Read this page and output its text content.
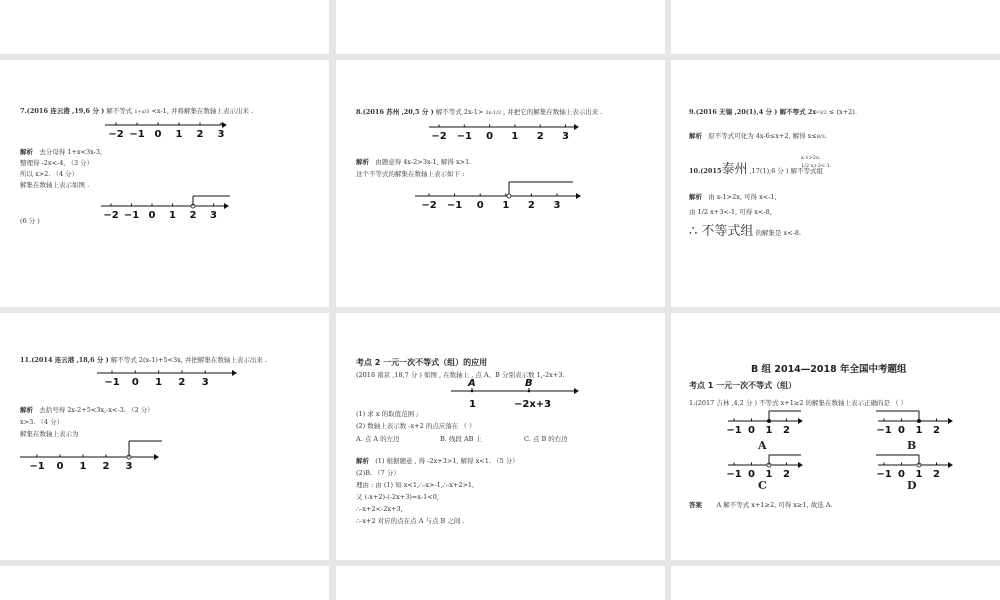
7.(2016 连云港 ,19,6 分 ) 解不等式 1+x/3 <x-1, 并将解集在数轴上表示出来 .
−2 −1 0 1 2 3
解析 去分母得 1+x<3x-3,
整理得 -2x<-4, （3 分）
所以 x>2. （4 分）
解集在数轴上表示如图 .
−2 −1 0 1 2 3
(6 分 )
8.(2016 苏州 ,20,5 分 ) 解不等式 2x-1> 3x-1/2 , 并把它的解集在数轴上表示出来 .
−2 −1 0 1 2 3
解析 由题意得 4x-2>3x-1, 解得 x>1.
这个不等式的解集在数轴上表示如下 :
−2 −1 0 1 2 3
9.(2016 无锡 ,20(1),4 分 ) 解不等式 2x-3/2 ≤ (x+2).
解析 原不等式可化为 4x-6≤x+2, 解得 x≤8/3.
10.(2015泰州 ,17(1),6 分 ) 解不等式组
x-1>2x,
1/2 x+3<-1.
解析 由 x-1>2x, 可得 x<-1,
由 1/2 x+3<-1, 可得 x<-8,
∴ 不等式组 的解集是 x<-8.
11.(2014 连云港 ,18,6 分 ) 解不等式 2(x-1)+5<3x, 并把解集在数轴上表示出来 .
−1 0 1 2 3
解析 去括号得 2x-2+5<3x,-x<-3. （2 分）
x>3. （4 分）
解集在数轴上表示为
−1 0 1 2 3
考点 2 一元一次不等式（组）的应用
(2018 南京 ,18,7 分 ) 如图 , 在数轴上 , 点 A、B 分别表示数 1,-2x+3.
A	B
1	−2x+3
(1) 求 x 的取值范围 ;
(2) 数轴上表示数 -x+2 的点应落在 （ ）
A. 点 A 的左边	B. 线段 AB 上	C. 点 B 的右边
解析 (1) 根据题意 , 得 -2x+3>1, 解得 x<1. （5 分）
(2)B. （7 分）
理由 : 由 (1) 知 x<1,∴-x>-1,∴-x+2>1,
又 (-x+2)-(-2x+3)=x-1<0,
∴-x+2<-2x+3,
∴-x+2 对应的点在点 A 与点 B 之间 .
B 组 2014—2018 年全国中考题组
考点 1 一元一次不等式（组）
1.(2017 吉林 ,4,2 分 ) 不等式 x+1≥2 的解集在数轴上表示正确的是 （ ）
−1 0 1 2
A
−1 0 1 2
B
−1 0 1 2
C
−1 0 1 2
D
答案 A 解不等式 x+1≥2, 可得 x≥1, 故选 A.
